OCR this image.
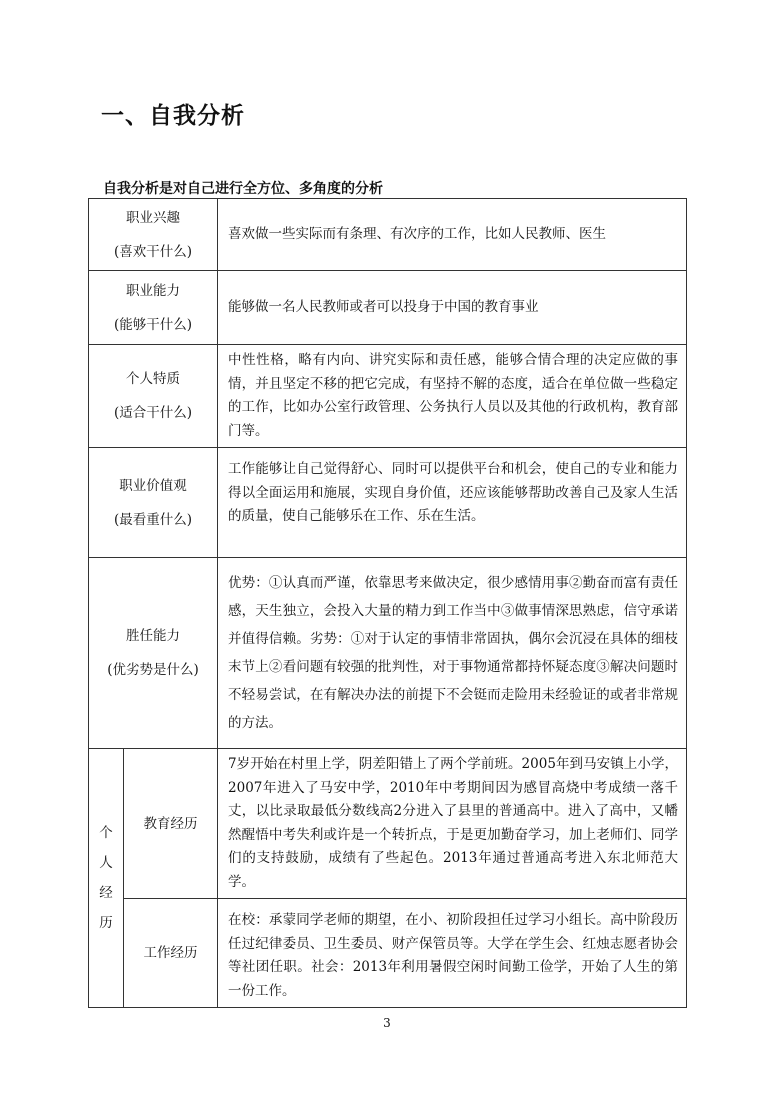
一、自我分析

自我分析是对自己进行全方位、多角度的分析

职业兴趣
(喜欢干什么)		喜欢做一些实际而有条理、有次序的工作，比如人民教师、医生

职业能力
(能够干什么)		能够做一名人民教师或者可以投身于中国的教育事业

个人特质
(适合干什么)		中性性格，略有内向、讲究实际和责任感，能够合情合理的决定应做的事情，并且坚定不移的把它完成，有坚持不解的态度，适合在单位做一些稳定的工作，比如办公室行政管理、公务执行人员以及其他的行政机构，教育部门等。

职业价值观
(最看重什么)		工作能够让自己觉得舒心、同时可以提供平台和机会，使自己的专业和能力得以全面运用和施展，实现自身价值，还应该能够帮助改善自己及家人生活的质量，使自己能够乐在工作、乐在生活。

胜任能力
(优劣势是什么)		优势：①认真而严谨，依靠思考来做决定，很少感情用事②勤奋而富有责任感，天生独立，会投入大量的精力到工作当中③做事情深思熟虑，信守承诺并值得信赖。劣势：①对于认定的事情非常固执，偶尔会沉浸在具体的细枝末节上②看问题有较强的批判性，对于事物通常都持怀疑态度③解决问题时不轻易尝试，在有解决办法的前提下不会铤而走险用未经验证的或者非常规的方法。

个人经历	教育经历	7岁开始在村里上学，阴差阳错上了两个学前班。2005年到马安镇上小学，2007年进入了马安中学，2010年中考期间因为感冒高烧中考成绩一落千丈，以比录取最低分数线高2分进入了县里的普通高中。进入了高中，又幡然醒悟中考失利或许是一个转折点，于是更加勤奋学习，加上老师们、同学们的支持鼓励，成绩有了些起色。2013年通过普通高考进入东北师范大学。
	工作经历	在校：承蒙同学老师的期望，在小、初阶段担任过学习小组长。高中阶段历任过纪律委员、卫生委员、财产保管员等。大学在学生会、红烛志愿者协会等社团任职。社会：2013年利用暑假空闲时间勤工俭学，开始了人生的第一份工作。

3
